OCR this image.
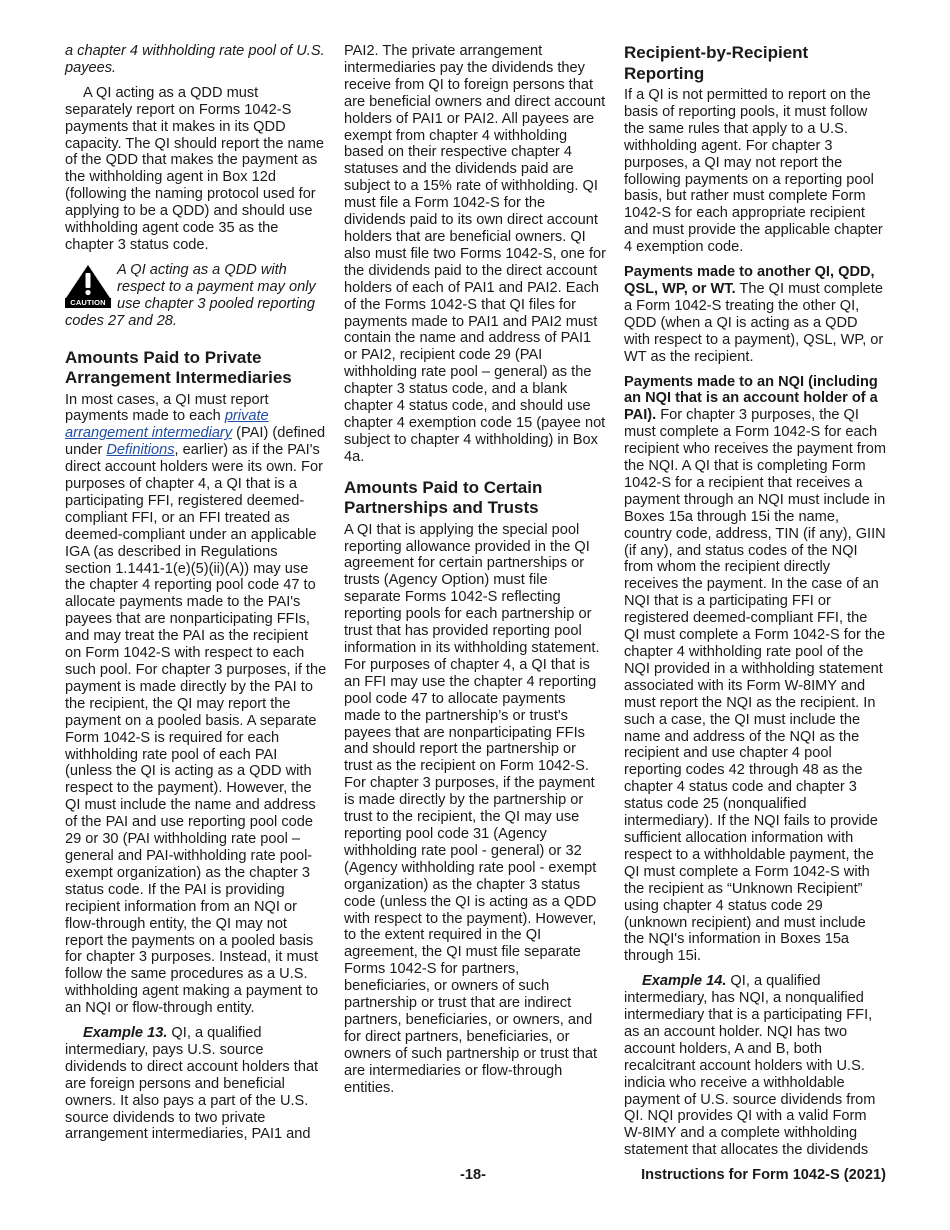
a chapter 4 withholding rate pool of U.S. payees.

A QI acting as a QDD must separately report on Forms 1042-S payments that it makes in its QDD capacity. The QI should report the name of the QDD that makes the payment as the withholding agent in Box 12d (following the naming protocol used for applying to be a QDD) and should use withholding agent code 35 as the chapter 3 status code.

CAUTION
A QI acting as a QDD with respect to a payment may only use chapter 3 pooled reporting codes 27 and 28.
Amounts Paid to Private Arrangement Intermediaries

In most cases, a QI must report payments made to each private arrangement intermediary (PAI) (defined under Definitions, earlier) as if the PAI's direct account holders were its own. For purposes of chapter 4, a QI that is a participating FFI, registered deemed-compliant FFI, or an FFI treated as deemed-compliant under an applicable IGA (as described in Regulations section 1.1441-1(e)(5)(ii)(A)) may use the chapter 4 reporting pool code 47 to allocate payments made to the PAI's payees that are nonparticipating FFIs, and may treat the PAI as the recipient on Form 1042-S with respect to each such pool. For chapter 3 purposes, if the payment is made directly by the PAI to the recipient, the QI may report the payment on a pooled basis. A separate Form 1042-S is required for each withholding rate pool of each PAI (unless the QI is acting as a QDD with respect to the payment). However, the QI must include the name and address of the PAI and use reporting pool code 29 or 30 (PAI withholding rate pool – general and PAI-withholding rate pool-exempt organization) as the chapter 3 status code. If the PAI is providing recipient information from an NQI or flow-through entity, the QI may not report the payments on a pooled basis for chapter 3 purposes. Instead, it must follow the same procedures as a U.S. withholding agent making a payment to an NQI or flow-through entity.

Example 13. QI, a qualified intermediary, pays U.S. source dividends to direct account holders that are foreign persons and beneficial owners. It also pays a part of the U.S. source dividends to two private arrangement intermediaries, PAI1 and

PAI2. The private arrangement intermediaries pay the dividends they receive from QI to foreign persons that are beneficial owners and direct account holders of PAI1 or PAI2. All payees are exempt from chapter 4 withholding based on their respective chapter 4 statuses and the dividends paid are subject to a 15% rate of withholding. QI must file a Form 1042-S for the dividends paid to its own direct account holders that are beneficial owners. QI also must file two Forms 1042-S, one for the dividends paid to the direct account holders of each of PAI1 and PAI2. Each of the Forms 1042-S that QI files for payments made to PAI1 and PAI2 must contain the name and address of PAI1 or PAI2, recipient code 29 (PAI withholding rate pool – general) as the chapter 3 status code, and a blank chapter 4 status code, and should use chapter 4 exemption code 15 (payee not subject to chapter 4 withholding) in Box 4a.

Amounts Paid to Certain Partnerships and Trusts

A QI that is applying the special pool reporting allowance provided in the QI agreement for certain partnerships or trusts (Agency Option) must file separate Forms 1042-S reflecting reporting pools for each partnership or trust that has provided reporting pool information in its withholding statement. For purposes of chapter 4, a QI that is an FFI may use the chapter 4 reporting pool code 47 to allocate payments made to the partnership’s or trust's payees that are nonparticipating FFIs and should report the partnership or trust as the recipient on Form 1042-S. For chapter 3 purposes, if the payment is made directly by the partnership or trust to the recipient, the QI may use reporting pool code 31 (Agency withholding rate pool - general) or 32 (Agency withholding rate pool - exempt organization) as the chapter 3 status code (unless the QI is acting as a QDD with respect to the payment). However, to the extent required in the QI agreement, the QI must file separate Forms 1042-S for partners, beneficiaries, or owners of such partnership or trust that are indirect partners, beneficiaries, or owners, and for direct partners, beneficiaries, or owners of such partnership or trust that are intermediaries or flow-through entities.

Recipient-by-Recipient Reporting

If a QI is not permitted to report on the basis of reporting pools, it must follow the same rules that apply to a U.S. withholding agent. For chapter 3 purposes, a QI may not report the following payments on a reporting pool basis, but rather must complete Form 1042-S for each appropriate recipient and must provide the applicable chapter 4 exemption code.

Payments made to another QI, QDD, QSL, WP, or WT. The QI must complete a Form 1042-S treating the other QI, QDD (when a QI is acting as a QDD with respect to a payment), QSL, WP, or WT as the recipient.

Payments made to an NQI (including an NQI that is an account holder of a PAI). For chapter 3 purposes, the QI must complete a Form 1042-S for each recipient who receives the payment from the NQI. A QI that is completing Form 1042-S for a recipient that receives a payment through an NQI must include in Boxes 15a through 15i the name, country code, address, TIN (if any), GIIN (if any), and status codes of the NQI from whom the recipient directly receives the payment. In the case of an NQI that is a participating FFI or registered deemed-compliant FFI, the QI must complete a Form 1042-S for the chapter 4 withholding rate pool of the NQI provided in a withholding statement associated with its Form W-8IMY and must report the NQI as the recipient. In such a case, the QI must include the name and address of the NQI as the recipient and use chapter 4 pool reporting codes 42 through 48 as the chapter 4 status code and chapter 3 status code 25 (nonqualified intermediary). If the NQI fails to provide sufficient allocation information with respect to a withholdable payment, the QI must complete a Form 1042-S with the recipient as “Unknown Recipient” using chapter 4 status code 29 (unknown recipient) and must include the NQI's information in Boxes 15a through 15i.

Example 14. QI, a qualified intermediary, has NQI, a nonqualified intermediary that is a participating FFI, as an account holder. NQI has two account holders, A and B, both recalcitrant account holders with U.S. indicia who receive a withholdable payment of U.S. source dividends from QI. NQI provides QI with a valid Form W-8IMY and a complete withholding statement that allocates the dividends

-18-	Instructions for Form 1042-S (2021)
